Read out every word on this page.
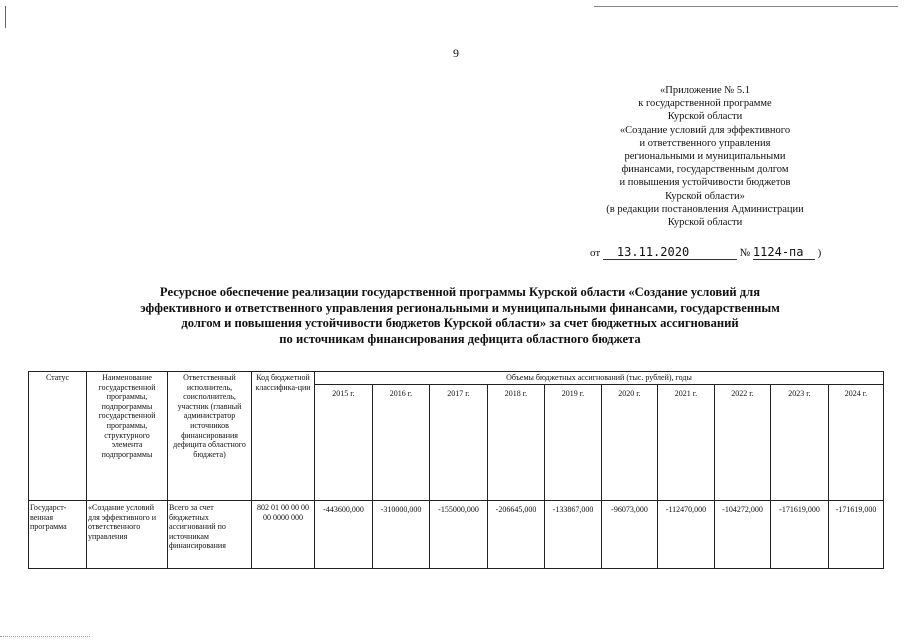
9
«Приложение № 5.1
к государственной программе
Курской области
«Создание условий для эффективного
и ответственного управления
региональными и муниципальными
финансами, государственным долгом
и повышения устойчивости бюджетов
Курской области»
(в редакции постановления Администрации
Курской области
от 13.11.2020	№ 1124-па )
Ресурсное обеспечение реализации государственной программы Курской области «Создание условий для
эффективного и ответственного управления региональными и муниципальными финансами, государственным
долгом и повышения устойчивости бюджетов Курской области» за счет бюджетных ассигнований
по источникам финансирования дефицита областного бюджета
Статус	Наименование государственной программы, подпрограммы государственной программы, структурного элемента подпрограммы	Ответственный исполнитель, соисполнитель, участник (главный администратор источников финансирования дефицита областного бюджета)	Код бюджетной классифика-ции	Объемы бюджетных ассигнований (тыс. рублей), годы									
				2015 г.	2016 г.	2017 г.	2018 г.	2019 г.	2020 г.	2021 г.	2022 г.	2023 г.	2024 г.

Государст-венная программа	«Создание условий для эффективного и ответственного управления	Всего за счет бюджетных ассигнований по источникам финансирования	802 01 00 00 00 00 0000 000	-443600,000	-310000,000	-155000,000	-206645,000	-133867,000	-96073,000	-112470,000	-104272,000	-171619,000	-171619,000
